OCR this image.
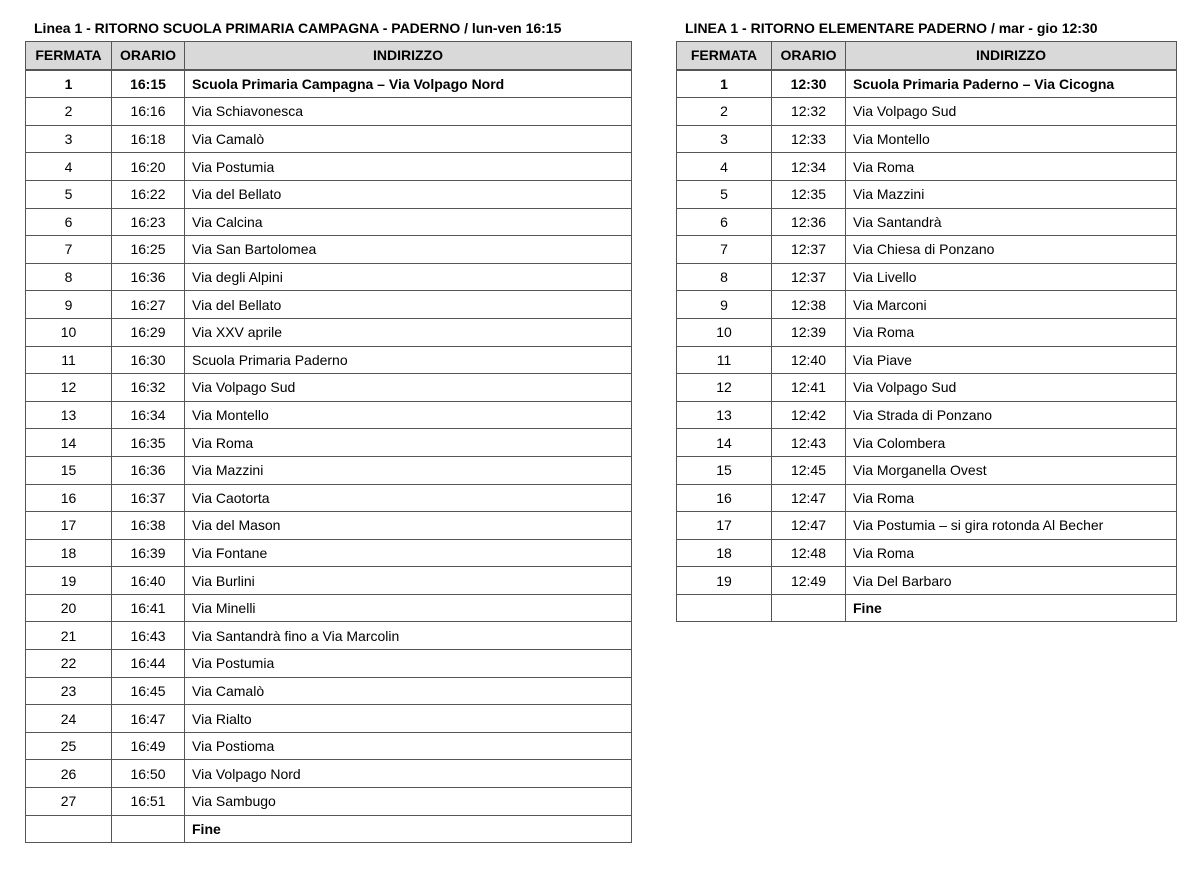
Linea 1 - RITORNO SCUOLA PRIMARIA CAMPAGNA - PADERNO / lun-ven 16:15
FERMATA	ORARIO	INDIRIZZO
1	16:15	Scuola Primaria Campagna – Via Volpago Nord
2	16:16	Via Schiavonesca
3	16:18	Via Camalò
4	16:20	Via Postumia
5	16:22	Via del Bellato
6	16:23	Via Calcina
7	16:25	Via San Bartolomea
8	16:36	Via degli Alpini
9	16:27	Via del Bellato
10	16:29	Via XXV aprile
11	16:30	Scuola Primaria Paderno
12	16:32	Via Volpago Sud
13	16:34	Via Montello
14	16:35	Via Roma
15	16:36	Via Mazzini
16	16:37	Via Caotorta
17	16:38	Via del Mason
18	16:39	Via Fontane
19	16:40	Via Burlini
20	16:41	Via Minelli
21	16:43	Via Santandrà fino a Via Marcolin
22	16:44	Via Postumia
23	16:45	Via Camalò
24	16:47	Via Rialto
25	16:49	Via Postioma
26	16:50	Via Volpago Nord
27	16:51	Via Sambugo
		Fine
LINEA 1 - RITORNO ELEMENTARE PADERNO / mar - gio 12:30
FERMATA	ORARIO	INDIRIZZO
1	12:30	Scuola Primaria Paderno – Via Cicogna
2	12:32	Via Volpago Sud
3	12:33	Via Montello
4	12:34	Via Roma
5	12:35	Via Mazzini
6	12:36	Via Santandrà
7	12:37	Via Chiesa di Ponzano
8	12:37	Via Livello
9	12:38	Via Marconi
10	12:39	Via Roma
11	12:40	Via Piave
12	12:41	Via Volpago Sud
13	12:42	Via Strada di Ponzano
14	12:43	Via Colombera
15	12:45	Via Morganella Ovest
16	12:47	Via Roma
17	12:47	Via Postumia – si gira rotonda Al Becher
18	12:48	Via Roma
19	12:49	Via Del Barbaro
		Fine
